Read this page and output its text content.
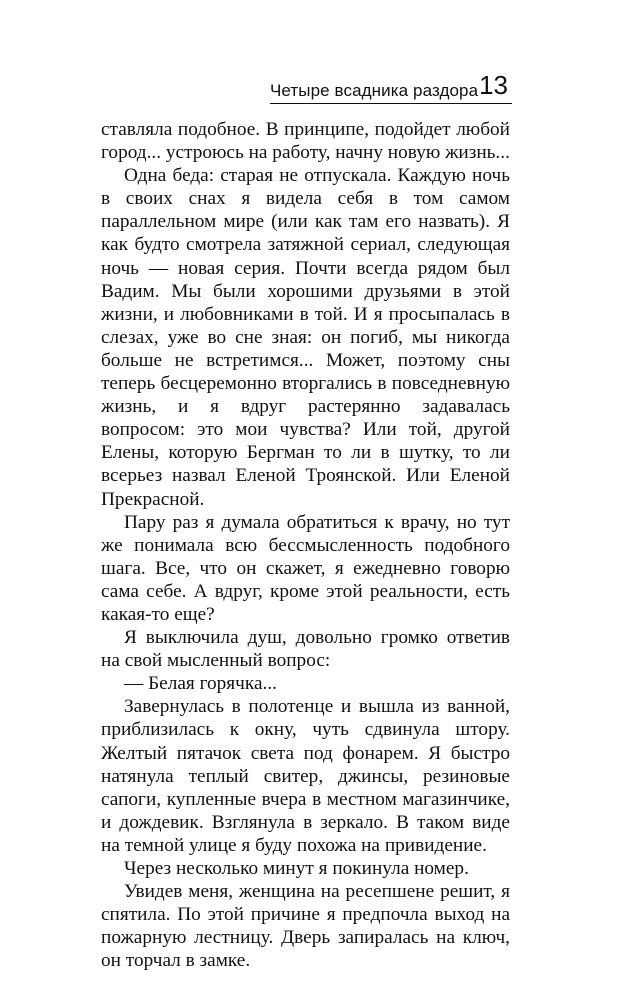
Четыре всадника раздора 13

ставляла подобное. В принципе, подойдет любой город... устроюсь на работу, начну новую жизнь...

Одна беда: старая не отпускала. Каждую ночь в своих снах я видела себя в том самом параллельном мире (или как там его назвать). Я как будто смотрела затяжной сериал, следующая ночь — новая серия. Почти всегда рядом был Вадим. Мы были хорошими друзьями в этой жизни, и любовниками в той. И я просыпалась в слезах, уже во сне зная: он погиб, мы никогда больше не встретимся... Может, поэтому сны теперь бесцеремонно вторгались в повседневную жизнь, и я вдруг растерянно задавалась вопросом: это мои чувства? Или той, другой Елены, которую Бергман то ли в шутку, то ли всерьез назвал Еленой Троянской. Или Еленой Прекрасной.

Пару раз я думала обратиться к врачу, но тут же понимала всю бессмысленность подобного шага. Все, что он скажет, я ежедневно говорю сама себе. А вдруг, кроме этой реальности, есть какая-то еще?

Я выключила душ, довольно громко ответив на свой мысленный вопрос:

— Белая горячка...

Завернулась в полотенце и вышла из ванной, приблизилась к окну, чуть сдвинула штору. Желтый пятачок света под фонарем. Я быстро натянула теплый свитер, джинсы, резиновые сапоги, купленные вчера в местном магазинчике, и дождевик. Взглянула в зеркало. В таком виде на темной улице я буду похожа на привидение.

Через несколько минут я покинула номер.

Увидев меня, женщина на ресепшене решит, я спятила. По этой причине я предпочла выход на пожарную лестницу. Дверь запиралась на ключ, он торчал в замке.
